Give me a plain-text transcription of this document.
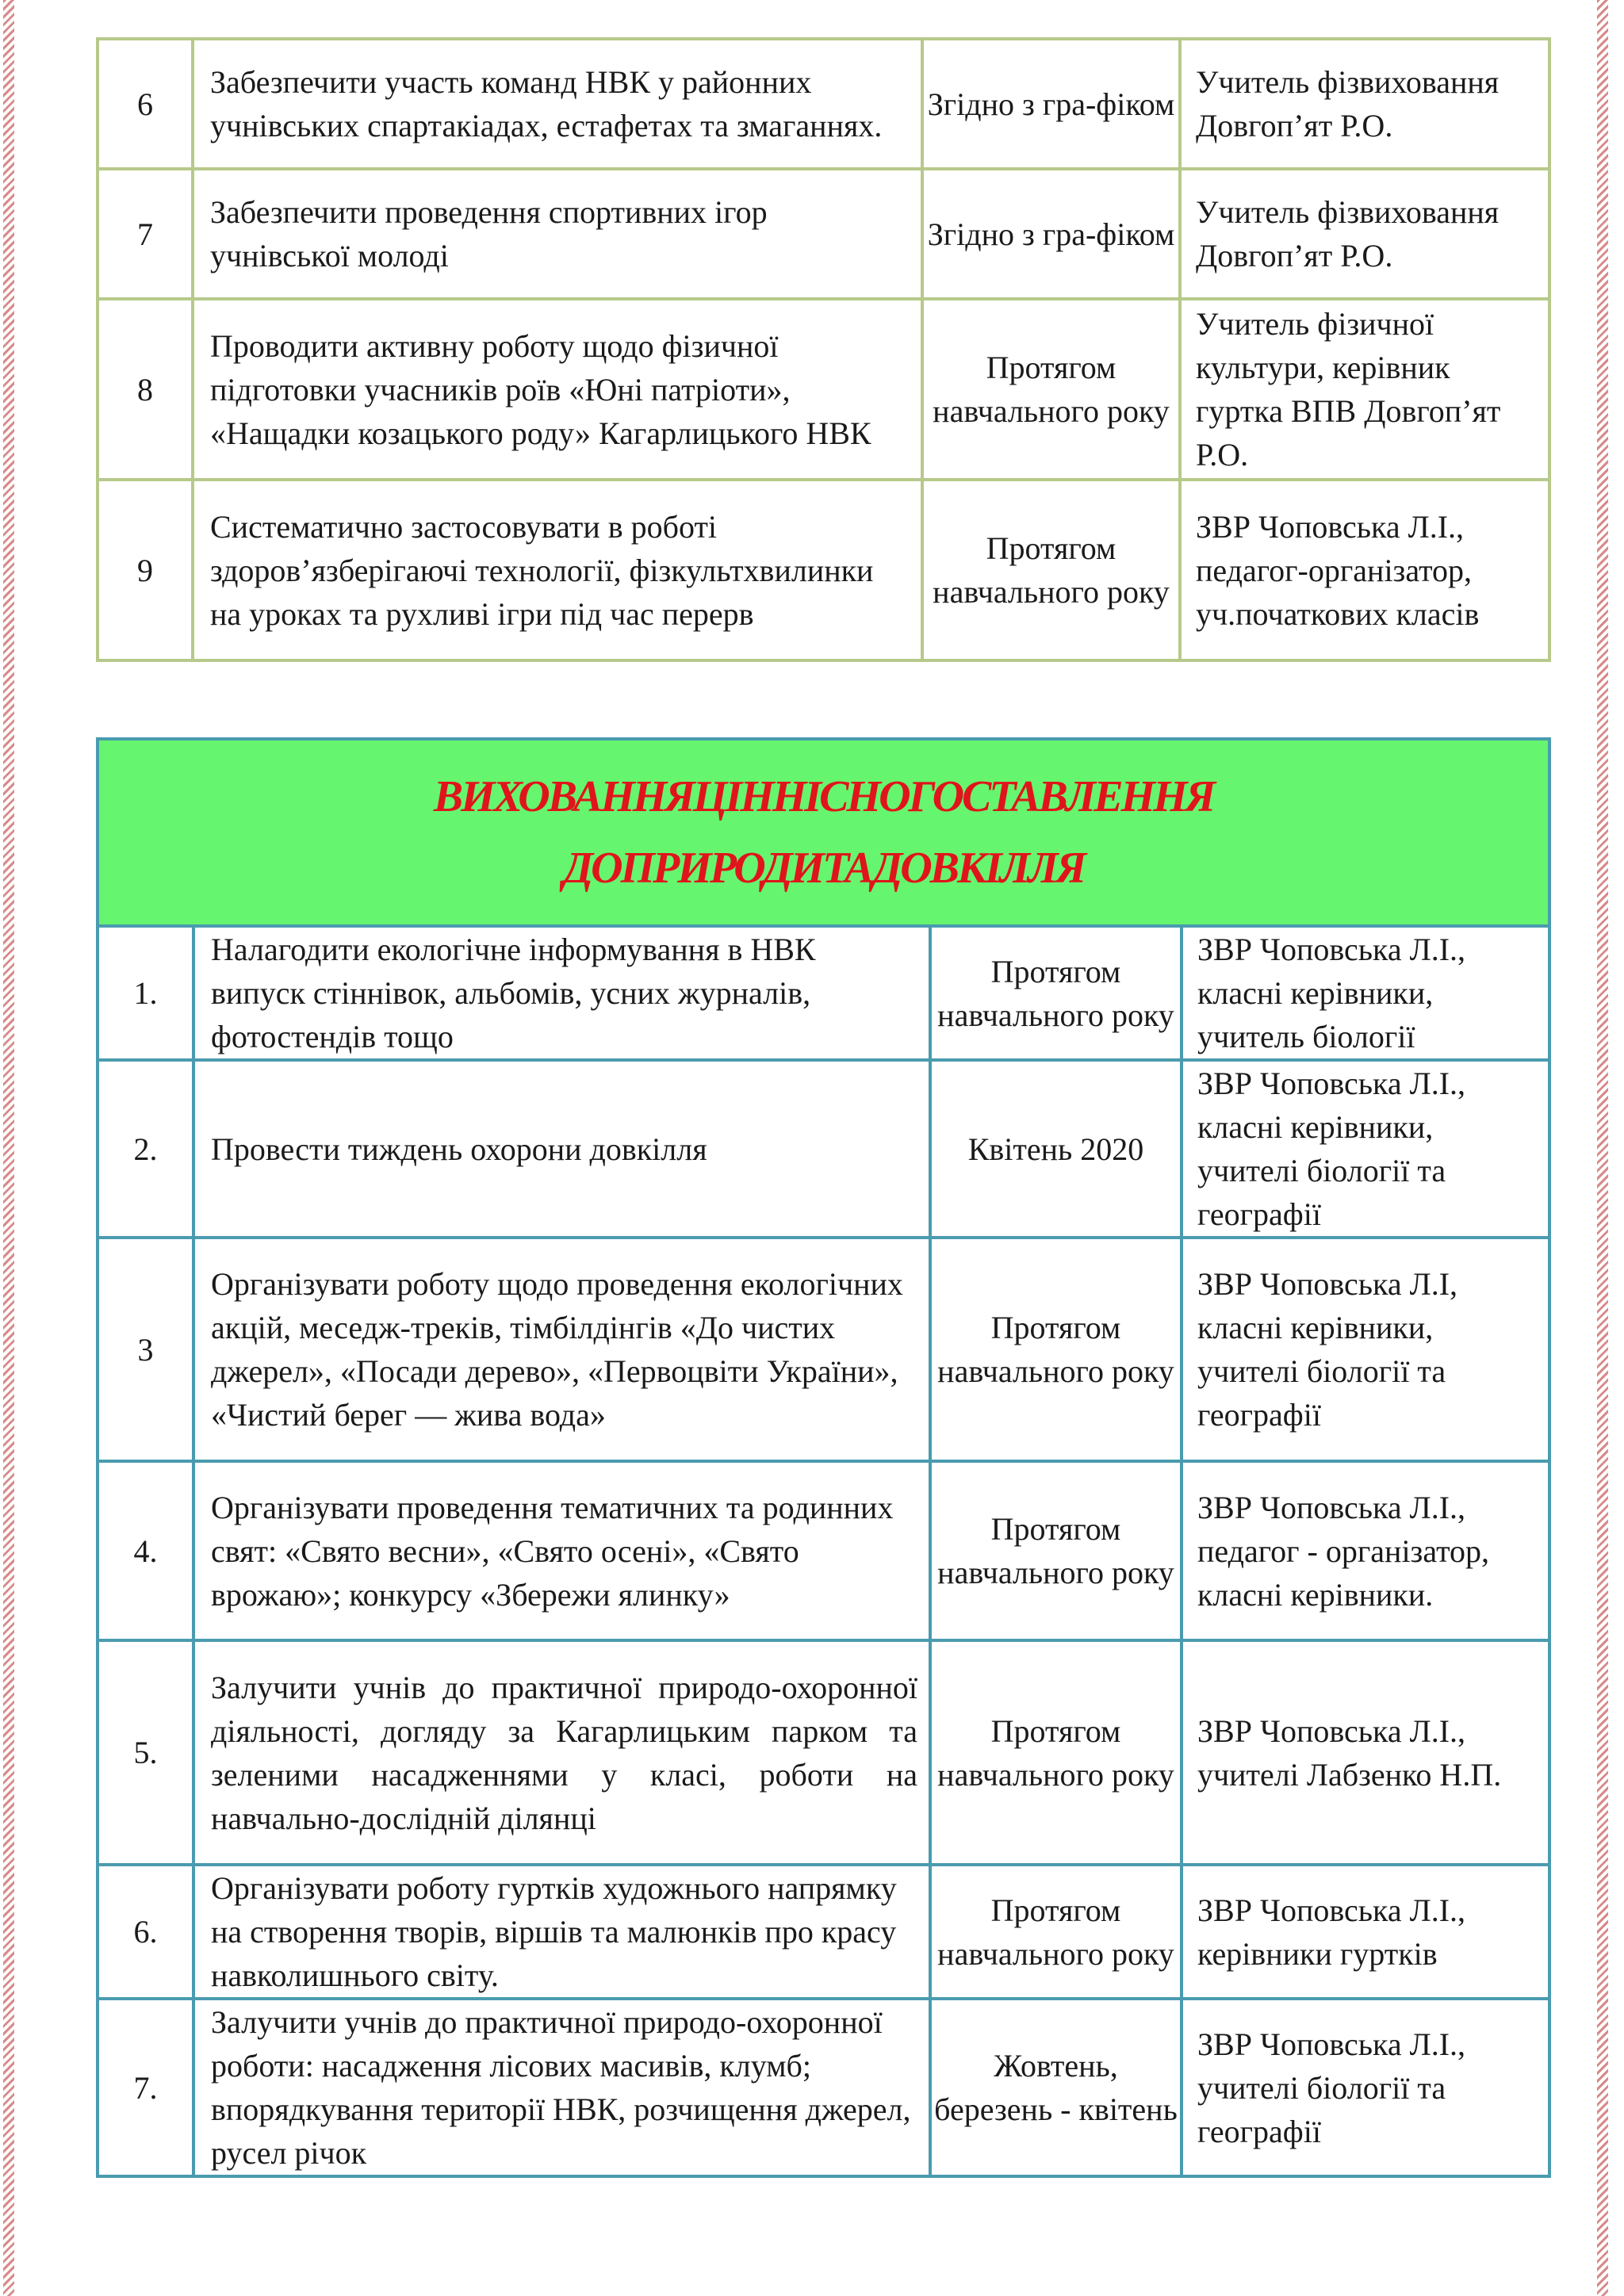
6	Забезпечити участь команд НВК у районних учнівських спартакіадах, естафетах та змаганнях.	Згідно з гра-фіком	Учитель фізвиховання Довгоп’ят Р.О.
7	Забезпечити проведення спортивних ігор учнівської молоді	Згідно з гра-фіком	Учитель фізвиховання Довгоп’ят Р.О.
8	Проводити активну роботу щодо фізичної підготовки учасників роїв «Юні патріоти», «Нащадки козацького роду» Кагарлицького НВК	Протягом навчального року	Учитель фізичної культури, керівник гуртка ВПВ Довгоп’ят Р.О.
9	Систематично застосовувати в роботі здоров’язберігаючі технології, фізкультхвилинки на уроках та рухливі ігри під час перерв	Протягом навчального року	ЗВР Чоповська Л.І., педагог-організатор, уч.початкових класів
ВИХОВАННЯЦІННІСНОГОСТАВЛЕННЯ
ДОПРИРОДИТАДОВКІЛЛЯ			

1.	Налагодити екологічне інформування в НВК випуск стіннівок, альбомів, усних журналів, фотостендів тощо	Протягом навчального року	ЗВР Чоповська Л.І., класні керівники, учитель біології
2.	Провести тиждень охорони довкілля	Квітень 2020	ЗВР Чоповська Л.І., класні керівники, учителі біології та географії
3	Організувати роботу щодо проведення екологічних акцій, меседж-треків, тімбілдінгів «До чистих джерел», «Посади дерево», «Первоцвіти України», «Чистий берег — жива вода»	Протягом навчального року	ЗВР Чоповська Л.І, класні керівники, учителі біології та географії
4.	Організувати проведення тематичних та родинних свят: «Свято весни», «Свято осені», «Свято врожаю»; конкурсу «Збережи ялинку»	Протягом навчального року	ЗВР Чоповська Л.І., педагог - організатор, класні керівники.
5.	Залучити учнів до практичної природо-охоронної діяльності, догляду за Кагарлицьким парком та зеленими насадженнями у класі, роботи на навчально-дослідній ділянці	Протягом навчального року	ЗВР Чоповська Л.І., учителі Лабзенко Н.П.
6.	Організувати роботу гуртків художнього напрямку на створення творів, віршів та малюнків про красу навколишнього світу.	Протягом навчального року	ЗВР Чоповська Л.І., керівники гуртків
7.	Залучити учнів до практичної природо-охоронної роботи: насадження лісових масивів, клумб; впорядкування території НВК, розчищення джерел, русел річок	Жовтень, березень - квітень	ЗВР Чоповська Л.І., учителі біології та географії
